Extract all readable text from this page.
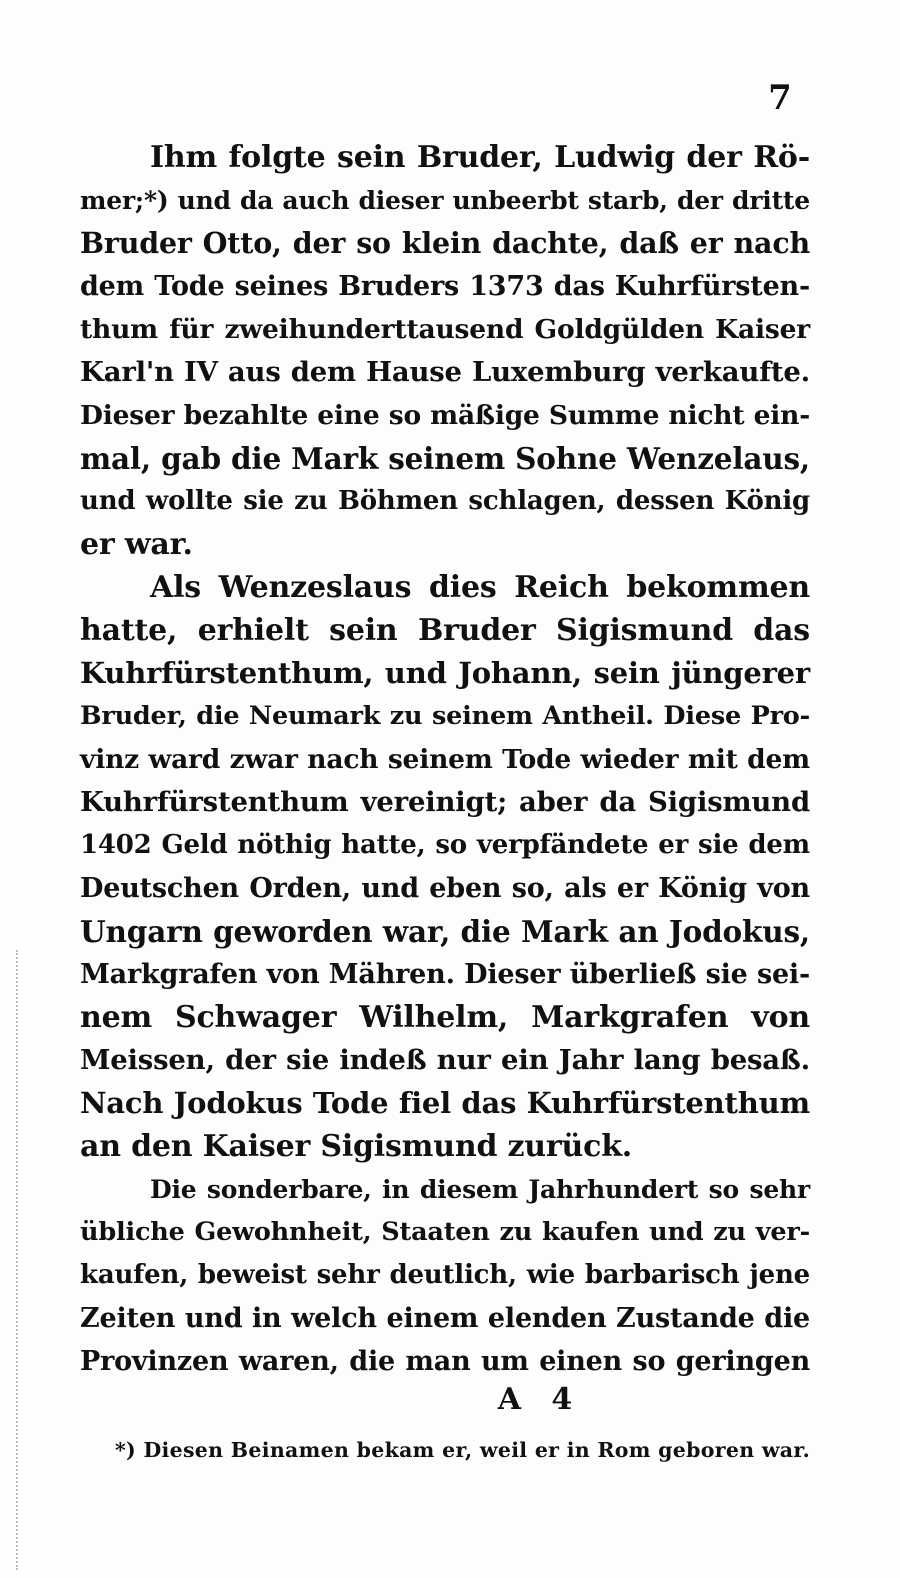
7
Ihm folgte sein Bruder, Ludwig der Rö-
mer;*) und da auch dieser unbeerbt starb, der dritte
Bruder Otto, der so klein dachte, daß er nach
dem Tode seines Bruders 1373 das Kuhrfürsten-
thum für zweihunderttausend Goldgülden Kaiser
Karl'n IV aus dem Hause Luxemburg verkaufte.
Dieser bezahlte eine so mäßige Summe nicht ein-
mal, gab die Mark seinem Sohne Wenzelaus,
und wollte sie zu Böhmen schlagen, dessen König
er war.
Als Wenzeslaus dies Reich bekommen
hatte, erhielt sein Bruder Sigismund das
Kuhrfürstenthum, und Johann, sein jüngerer
Bruder, die Neumark zu seinem Antheil. Diese Pro-
vinz ward zwar nach seinem Tode wieder mit dem
Kuhrfürstenthum vereinigt; aber da Sigismund
1402 Geld nöthig hatte, so verpfändete er sie dem
Deutschen Orden, und eben so, als er König von
Ungarn geworden war, die Mark an Jodokus,
Markgrafen von Mähren. Dieser überließ sie sei-
nem Schwager Wilhelm, Markgrafen von
Meissen, der sie indeß nur ein Jahr lang besaß.
Nach Jodokus Tode fiel das Kuhrfürstenthum
an den Kaiser Sigismund zurück.
Die sonderbare, in diesem Jahrhundert so sehr
übliche Gewohnheit, Staaten zu kaufen und zu ver-
kaufen, beweist sehr deutlich, wie barbarisch jene
Zeiten und in welch einem elenden Zustande die
Provinzen waren, die man um einen so geringen
A 4
*) Diesen Beinamen bekam er, weil er in Rom geboren war.
